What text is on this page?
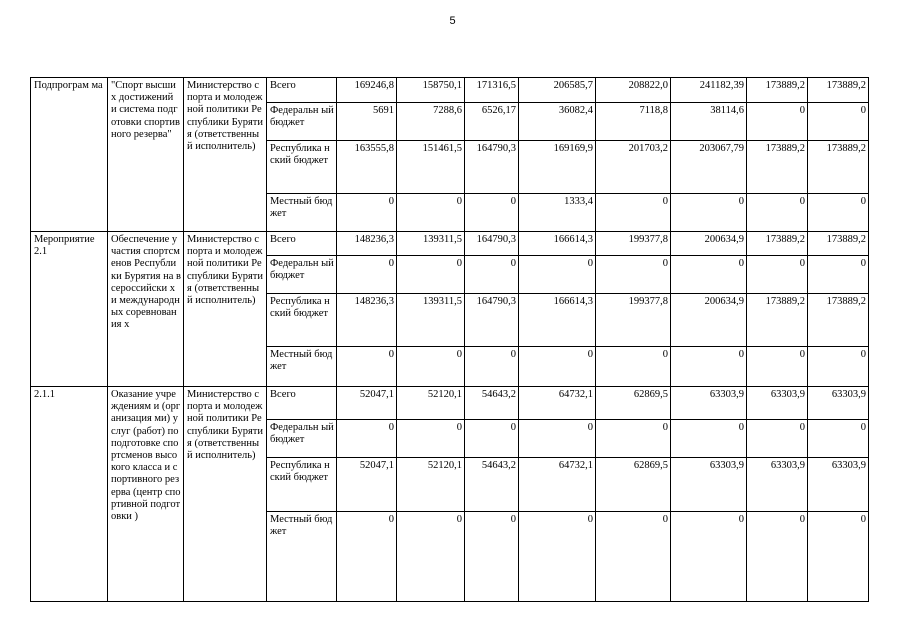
5
Подпрограм ма	"Спорт высших достижений и система подготовки спортивного резерва"	Министерство спорта и молодежной политики Республики Бурятия (ответственны й исполнитель)	Всего	169246,8	158750,1	171316,5	206585,7	208822,0	241182,39	173889,2	173889,2
			Федеральн ый бюджет	5691	7288,6	6526,17	36082,4	7118,8	38114,6	0	0
			Республика нский бюджет	163555,8	151461,5	164790,3	169169,9	201703,2	203067,79	173889,2	173889,2
			Местный бюджет	0	0	0	1333,4	0	0	0	0
Мероприятие 2.1	Обеспечение участия спортсменов Республики Бурятия на всероссийски х и международн ых соревнования х	Министерство спорта и молодежной политики Республики Бурятия (ответственны й исполнитель)	Всего	148236,3	139311,5	164790,3	166614,3	199377,8	200634,9	173889,2	173889,2
			Федеральн ый бюджет	0	0	0	0	0	0	0	0
			Республика нский бюджет	148236,3	139311,5	164790,3	166614,3	199377,8	200634,9	173889,2	173889,2
			Местный бюджет	0	0	0	0	0	0	0	0
2.1.1	Оказание учреждениям и (организация ми) услуг (работ) по подготовке спортсменов высокого класса и спортивного резерва (центр спортивной подготовки )	Министерство спорта и молодежной политики Республики Бурятия (ответственны й исполнитель)	Всего	52047,1	52120,1	54643,2	64732,1	62869,5	63303,9	63303,9	63303,9
			Федеральн ый бюджет	0	0	0	0	0	0	0	0
			Республика нский бюджет	52047,1	52120,1	54643,2	64732,1	62869,5	63303,9	63303,9	63303,9
			Местный бюджет	0	0	0	0	0	0	0	0
